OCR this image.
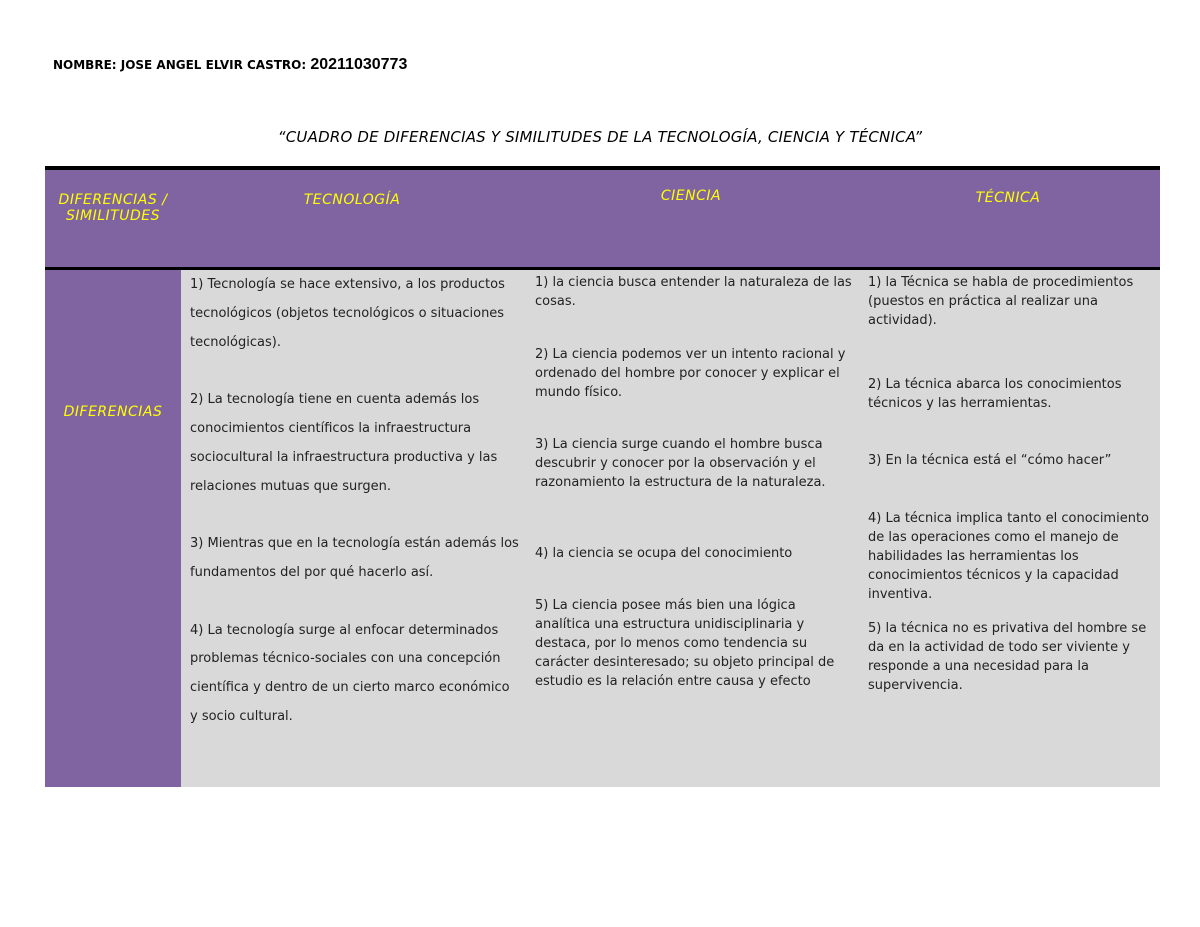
NOMBRE: JOSE ANGEL ELVIR CASTRO: 20211030773
“CUADRO DE DIFERENCIAS Y SIMILITUDES DE LA TECNOLOGÍA, CIENCIA Y TÉCNICA”
DIFERENCIAS / SIMILITUDES
TECNOLOGÍA	CIENCIA	TÉCNICA
DIFERENCIAS

1) Tecnología se hace extensivo, a los productos tecnológicos (objetos tecnológicos o situaciones tecnológicas).

2) La tecnología tiene en cuenta además los conocimientos científicos la infraestructura sociocultural la infraestructura productiva y las relaciones mutuas que surgen.

3) Mientras que en la tecnología están además los fundamentos del por qué hacerlo así.

4) La tecnología surge al enfocar determinados problemas técnico-sociales con una concepción científica y dentro de un cierto marco económico y socio cultural.

1) la ciencia busca entender la naturaleza de las cosas.

2) La ciencia podemos ver un intento racional y ordenado del hombre por conocer y explicar el mundo físico.

3) La ciencia surge cuando el hombre busca descubrir y conocer por la observación y el razonamiento la estructura de la naturaleza.

4) la ciencia se ocupa del conocimiento

5) La ciencia posee más bien una lógica analítica una estructura unidisciplinaria y destaca, por lo menos como tendencia su carácter desinteresado; su objeto principal de estudio es la relación entre causa y efecto

1) la Técnica se habla de procedimientos (puestos en práctica al realizar una actividad).

2) La técnica abarca los conocimientos técnicos y las herramientas.

3) En la técnica está el “cómo hacer”

4) La técnica implica tanto el conocimiento de las operaciones como el manejo de habilidades las herramientas los conocimientos técnicos y la capacidad inventiva.

5) la técnica no es privativa del hombre se da en la actividad de todo ser viviente y responde a una necesidad para la supervivencia.
